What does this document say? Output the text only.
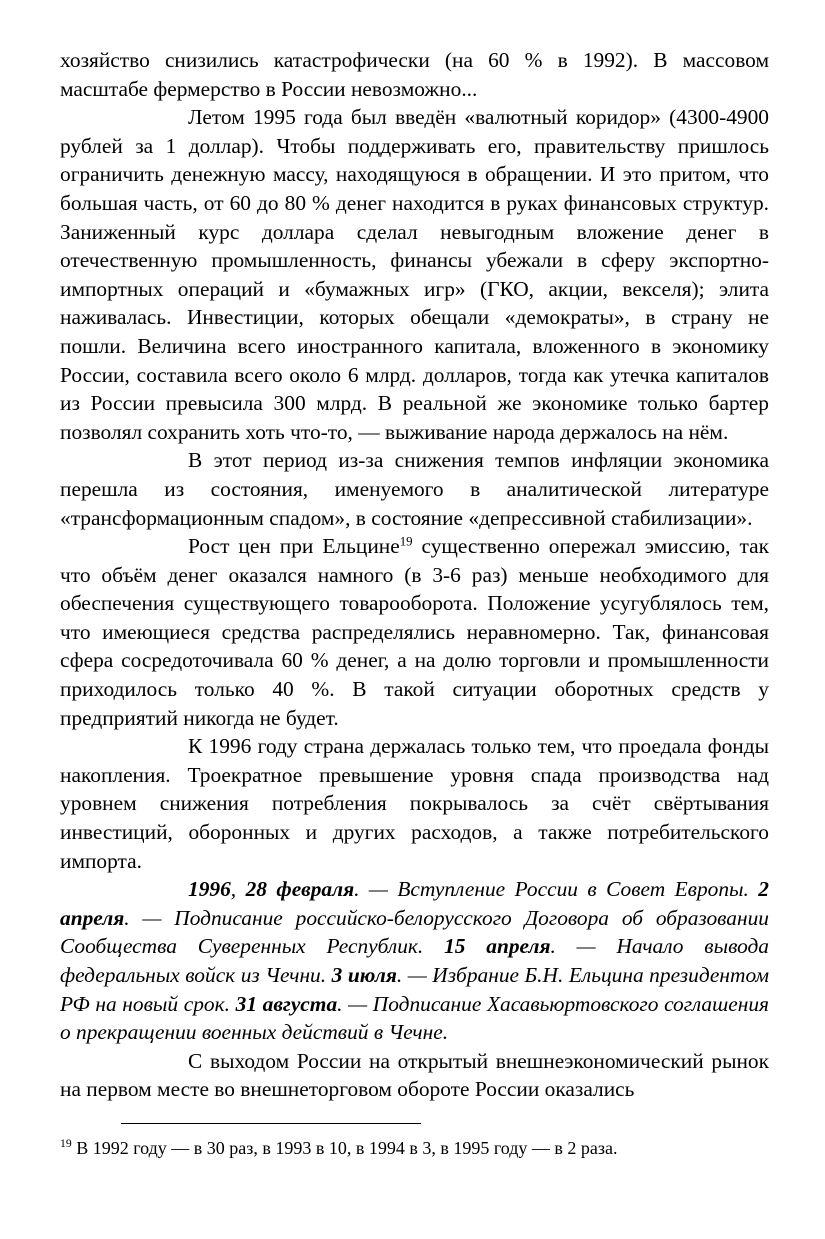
хозяйство снизились катастрофически (на 60 % в 1992). В массовом масштабе фермерство в России невозможно...

Летом 1995 года был введён «валютный коридор» (4300-4900 рублей за 1 доллар). Чтобы поддерживать его, правительству пришлось ограничить денежную массу, находящуюся в обращении. И это притом, что большая часть, от 60 до 80 % денег находится в руках финансовых структур. Заниженный курс доллара сделал невыгодным вложение денег в отечественную промышленность, финансы убежали в сферу экспортно-импортных операций и «бумажных игр» (ГКО, акции, векселя); элита наживалась. Инвестиции, которых обещали «демократы», в страну не пошли. Величина всего иностранного капитала, вложенного в экономику России, составила всего около 6 млрд. долларов, тогда как утечка капиталов из России превысила 300 млрд. В реальной же экономике только бартер позволял сохранить хоть что-то, — выживание народа держалось на нём.

В этот период из-за снижения темпов инфляции экономика перешла из состояния, именуемого в аналитической литературе «трансформационным спадом», в состояние «депрессивной стабилизации».

Рост цен при Ельцине$^{19}$ существенно опережал эмиссию, так что объём денег оказался намного (в 3-6 раз) меньше необходимого для обеспечения существующего товарооборота. Положение усугублялось тем, что имеющиеся средства распределялись неравномерно. Так, финансовая сфера сосредоточивала 60 % денег, а на долю торговли и промышленности приходилось только 40 %. В такой ситуации оборотных средств у предприятий никогда не будет.

К 1996 году страна держалась только тем, что проедала фонды накопления. Троекратное превышение уровня спада производства над уровнем снижения потребления покрывалось за счёт свёртывания инвестиций, оборонных и других расходов, а также потребительского импорта.

1996, 28 февраля. — Вступление России в Совет Европы. 2 апреля. — Подписание российско-белорусского Договора об образовании Сообщества Суверенных Республик. 15 апреля. — Начало вывода федеральных войск из Чечни. 3 июля. — Избрание Б.Н. Ельцина президентом РФ на новый срок. 31 августа. — Подписание Хасавьюртовского соглашения о прекращении военных действий в Чечне.

С выходом России на открытый внешнеэкономический рынок на первом месте во внешнеторговом обороте России оказались

$^{19}$ В 1992 году — в 30 раз, в 1993 в 10, в 1994 в 3, в 1995 году — в 2 раза.
